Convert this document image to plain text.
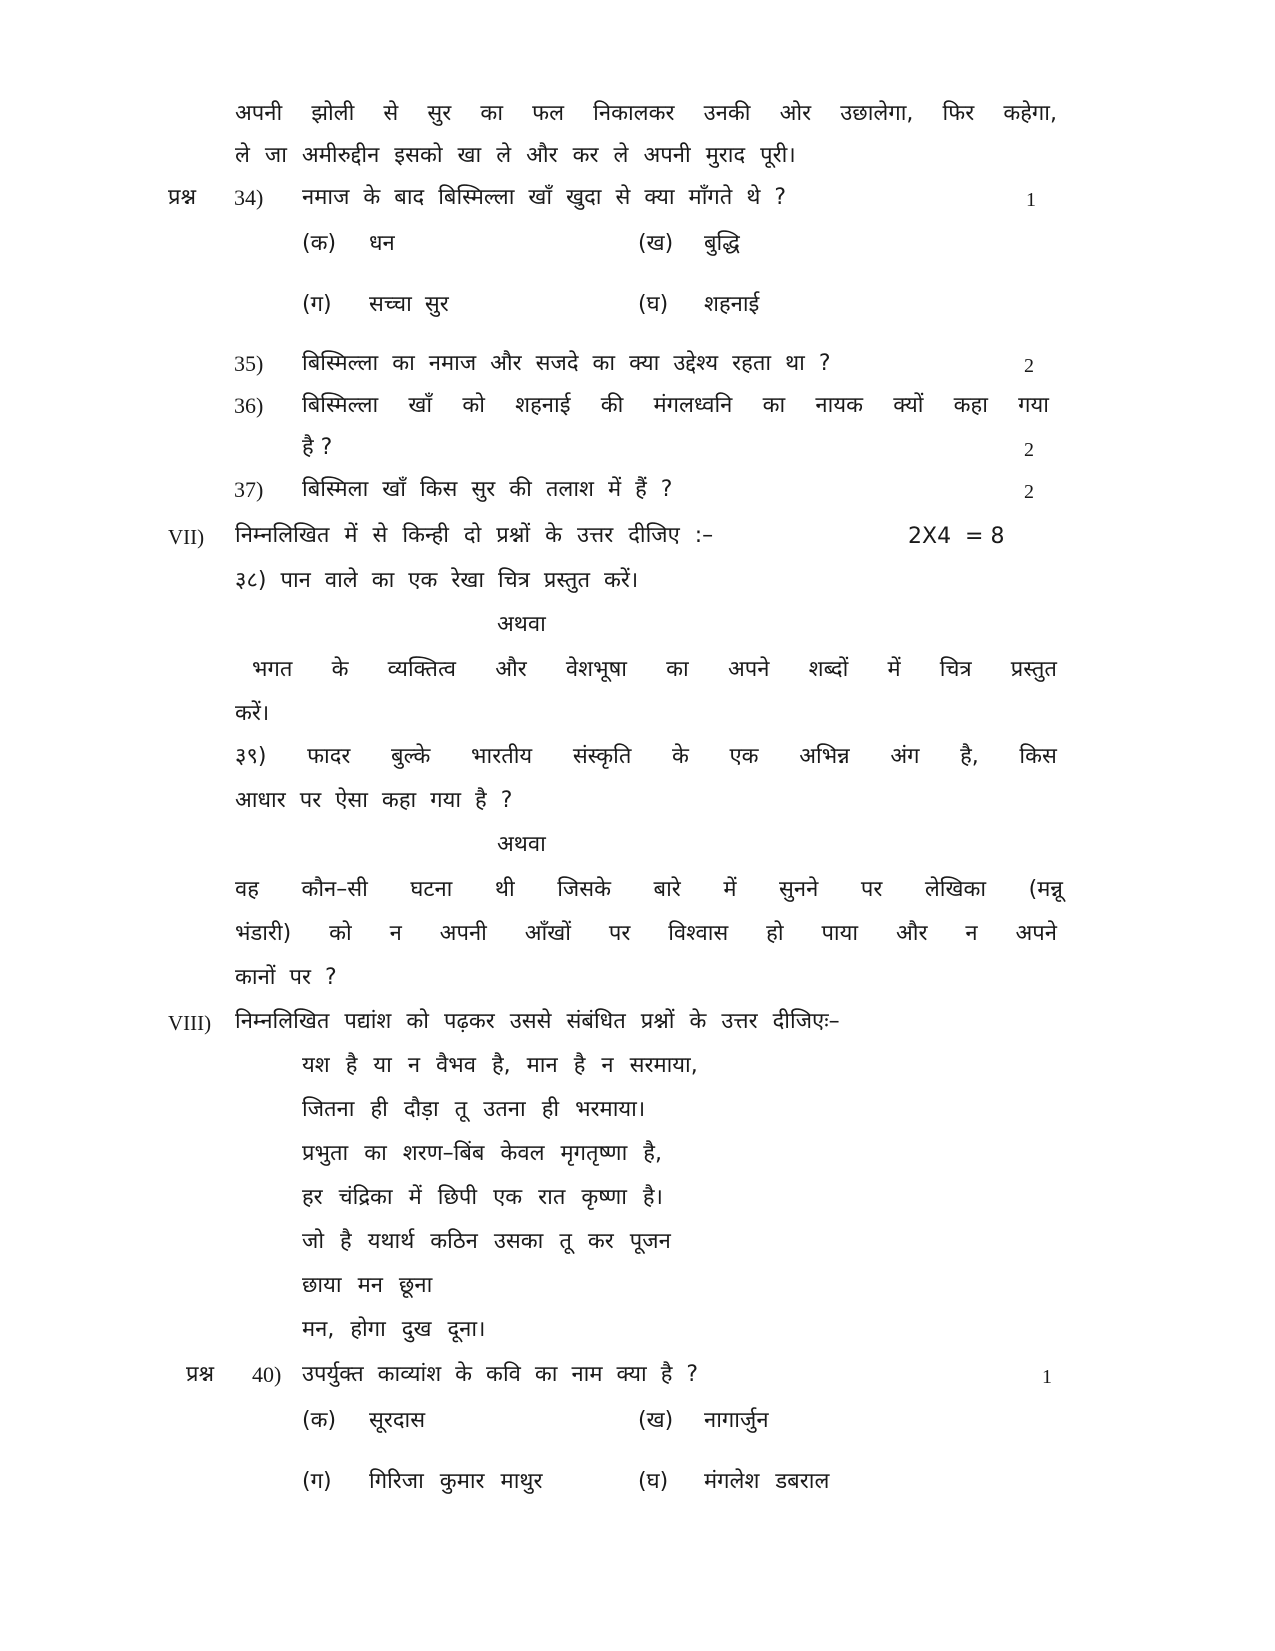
अपनी झोली से सुर का फल निकालकर उनकी ओर उछालेगा, फिर कहेगा,
ले जा अमीरुद्दीन इसको खा ले और कर ले अपनी मुराद पूरी।
प्रश्न 34) नमाज के बाद बिस्मिल्ला खाँ खुदा से क्या माँगते थे ?	1
(क) धन	(ख) बुद्धि
(ग) सच्चा सुर	(घ) शहनाई
35) बिस्मिल्ला का नमाज और सजदे का क्या उद्देश्य रहता था ?	2
36) बिस्मिल्ला खाँ को शहनाई की मंगलध्वनि का नायक क्यों कहा गया
है ?	2
37) बिस्मिला खाँ किस सुर की तलाश में हैं ?	2
VII) निम्नलिखित में से किन्ही दो प्रश्नों के उत्तर दीजिए :–	2X4  = 8
३८) पान वाले का एक रेखा चित्र प्रस्तुत करें।
अथवा
भगत के व्यक्तित्व और वेशभूषा का अपने शब्दों में चित्र प्रस्तुत
करें।
३९) फादर बुल्के भारतीय संस्कृति के एक अभिन्न अंग है, किस
आधार पर ऐसा कहा गया है ?
अथवा
वह कौन–सी घटना थी जिसके बारे में सुनने पर लेखिका (मन्नू
भंडारी) को न अपनी आँखों पर विश्वास हो पाया और न अपने
कानों पर ?
VIII) निम्नलिखित पद्यांश को पढ़कर उससे संबंधित प्रश्नों के उत्तर दीजिएः–
यश है या न वैभव है, मान है न सरमाया,
जितना ही दौड़ा तू उतना ही भरमाया।
प्रभुता का शरण–बिंब केवल मृगतृष्णा है,
हर चंद्रिका में छिपी एक रात कृष्णा है।
जो है यथार्थ कठिन उसका तू कर पूजन
छाया मन छूना
मन, होगा दुख दूना।
प्रश्न 40) उपर्युक्त काव्यांश के कवि का नाम क्या है ?	1
(क) सूरदास	(ख) नागार्जुन
(ग) गिरिजा कुमार माथुर	(घ) मंगलेश डबराल
